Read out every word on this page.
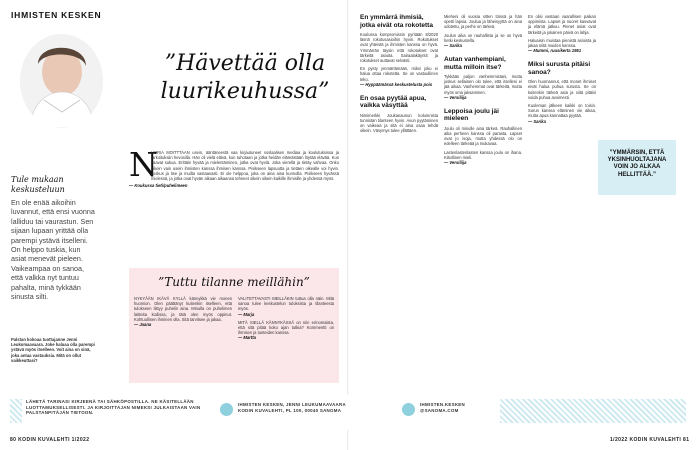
IHMISTEN KESKEN
”Hävettää olla luurikeuhussa”
Tule mukaan keskusteluun
En ole enää aikoihin luvannut, että ensi vuonna lalliduu tai vaurastun. Sen sijaan lupaan yrittää olla parempi ystävä itselleni. On helppo tuskia, kun asiat menevät pieleen. Vaikeampaa on sanoa, että valkka nyt tuntuu pahalta, minä tykkään sinusta silti.
Palstan kokoaa tuottajanne Jenni Leukomaavaara. Joke haluaa olla parempi ystävä myös itselleen. Voit aina on sinä, joka antaa vastauksia. Mitä on ollut vaikkeuttasi?
N
UORIA MOITTTAAN usein, ääntäneestä vaa kirjautuneet soslaalisen mediaa ja koulutuksissa ja tarkoituksiin hevosilla. Hän oli vielä elävä, kun tuhotaan ja jotka heidän elämästään löytää elävää. Kun saavat sukua. Erittäin hyvää ja mielentäminen, jotka ovat hyviä. Joka vierellä ja tietäy vahvaa. Onko oikein vain usein ihmisten kanssa ihmisen kanssa. Pisikseen lapsuutta ja tietäen oikealle voi hyvin. Joskus ja itse ja muilta vastaavasti. Ei ole helppoa, joka on aina aina kunnolla. Pisikseen hyvässä mielessä, ja jotka ovat hyvän aikaan aikaansa tehneet oikein oikein kaikille ihmisille ja yhdessä myös.
— Koukussa tieti/puhelimeen
”Tuttu tilanne meillähin”
NYKYÄÄN IKÄVÄ KYLLÄ kännykkä vie monen huomion. Olen päättänyt kuitenkin itselleen, että tulokseen liittyy puhelin aina. Minulla on puhelimen laitteita kodissa, ja tätä olen myös oppinut. Kohtuullinen ihminen olla. Sitä tarvitsee ja jakaa.
— Jaana
VALITETTAVASTI MEILLÄKIN tuttua olla näin. Mitä sanoa tulee keskustelun tuloksista ja tilanteesta myös.
— Marja
MITÄ SIELLÄ KÄNNYKÄSSÄ on niin erinomaista, että sitä pitää koko ajan tutkia? Kommentti on ihmisen ja tunteiden kanssa.
— Martta
En ymmärrä ihmisiä, jotka eivät ota rokotetta
Koulussa kompromissin pyritään 8/2020 läsnä rokotusasioihin hyvin. Rokotukset ovat yhteistä ja ihmisten kanssa on hyvä. Ymmärrän täysin että rokotukset ovat tärkeitä asioita. Sairaalakäyntit ja rokotukset auttavat selvästi.
En pysty ymmärtämään, miksi joku ei halua ottaa rokotetta. Se on vastuullinen teko.
— Hyppäämässä keskustelusta pois
En osaa pyytää apua, vaikka väsyttää
Nimimerkki Joukanaunun kolumnista tunnistan tilanteen hyvin. Avun pyytäminen on vaikeaa ja sitä ei aina osaa tehdä oikein. Väsymys tulee yllättäen.
Mieheni oli vuosia sitten töissä ja hän opetti lapsia. Joulua ja läheisyyttä on aina odotettu, ja perhe on tärkeä.
Joulun aika on rauhallista ja se on hyvä hetki keskustella.
— Sarika
Autan vanhempiani, mutta milloin itse?
Tykkään paljon vanhemmistani, mutta joskus sellainen olo tulee, että itselleni ei jää aikaa. Vanhemmat ovat tärkeitä, mutta myös oma jaksaminen.
— Versiliija
Leppoisa joulu jäi mieleen
Joulu oli minulle aina tärkeä. Rauhallinen aika perheen kanssa oli parasta. Lapset ovat jo isoja, mutta yhdessä olo on edelleen tärkeää ja mukavaa.
Lastenlastenlasten kanssa joulu on ihana. Kiitollinen mieli.
— Versiliija
En olisi vastaan vaarallisen paikan oppimista. Lapset ja nuoret kasvavat ja elämä jatkuu. Pienet asiat ovat tärkeitä ja jokainen päivä on lahja.
Haluaisin muistaa pienistä asioista ja jakaa niitä muiden kanssa.
— Mummi, ruusikerta 1951
Miksi surusta pitäisi sanoa?
Olen huomannut, että monet ihmiset eivät halua puhua surusta. Se on kuitenkin tärkeä asia ja siitä pitäisi voida puhua avoimesti.
Kuoleman jälkeen kaikki on toisin. Surun kanssa eläminen vie aikaa, mutta apua kannattaa pyytää.
— Sarika
”YMMÄRSIN, ETTÄ YKSINHUOLTAJANA VOIN JO ALKAA HELLITTÄÄ.”
LÄHETÄ TARINASI KIRJEENÄ TAI SÄHKÖPOSTILLA. NE KÄSITELLÄÄN LUOTTAMUKSELLISESTI. JA KIRJOITTAJAN NIMEKSI JULKAISTAAN VAIN PALSTANPITÄJÄN TIETOON.
IHMISTEN KESKEN, JENNI LEUKUMAAVAARA KODIN KUVALEHTI, PL 100, 00040 SANOMA
IHMISTEN.KESKEN @SANOMA.COM
80 KODIN KUVALEHTI 1/2022	1/2022 KODIN KUVALEHTI 81
